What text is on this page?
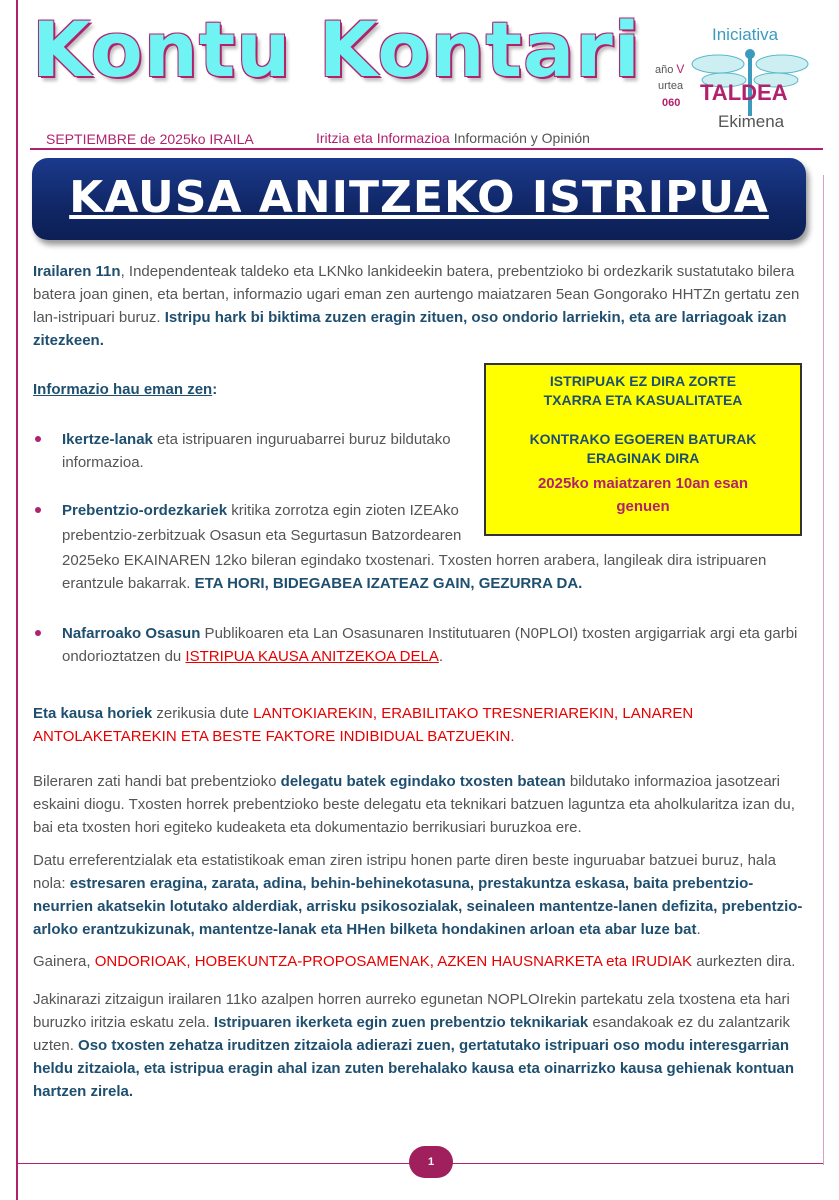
Kontu Kontari año V
urtea
060
Iniciativa
TALDEA
Ekimena
SEPTIEMBRE de 2025ko IRAILA	Iritzia eta Informazioa Información y Opinión
KAUSA ANITZEKO ISTRIPUA
Irailaren 11n, Independenteak taldeko eta LKNko lankideekin batera, prebentzioko bi ordezkarik sustatutako bilera batera joan ginen, eta bertan, informazio ugari eman zen aurtengo maiatzaren 5ean Gongorako HHTZn gertatu zen lan-istripuari buruz. Istripu hark bi biktima zuzen eragin zituen, oso ondorio larriekin, eta are larriagoak izan zitezkeen.
Informazio hau eman zen:	ISTRIPUAK EZ DIRA ZORTE
TXARRA ETA KASUALITATEA
KONTRAKO EGOEREN BATURAK
ERAGINAK DIRA
2025ko maiatzaren 10an esan
genuen
Ikertze-lanak eta istripuaren inguruabarrei buruz bildutako informazioa.
Prebentzio-ordezkariek kritika zorrotza egin zioten IZEAko
prebentzio-zerbitzuak Osasun eta Segurtasun Batzordearen
2025eko EKAINAREN 12ko bileran egindako txostenari. Txosten horren arabera, langileak dira istripuaren erantzule bakarrak. ETA HORI, BIDEGABEA IZATEAZ GAIN, GEZURRA DA.
Nafarroako Osasun Publikoaren eta Lan Osasunaren Institutuaren (N0PLOI) txosten argigarriak argi eta garbi ondorioztatzen du ISTRIPUA KAUSA ANITZEKOA DELA.
Eta kausa horiek zerikusia dute LANTOKIAREKIN, ERABILITAKO TRESNERIAREKIN, LANAREN ANTOLAKETAREKIN ETA BESTE FAKTORE INDIBIDUAL BATZUEKIN.
Bileraren zati handi bat prebentzioko delegatu batek egindako txosten batean bildutako informazioa jasotzeari eskaini diogu. Txosten horrek prebentzioko beste delegatu eta teknikari batzuen laguntza eta aholkularitza izan du, bai eta txosten hori egiteko kudeaketa eta dokumentazio berrikusiari buruzkoa ere.
Datu erreferentzialak eta estatistikoak eman ziren istripu honen parte diren beste inguruabar batzuei buruz, hala nola: estresaren eragina, zarata, adina, behin-behinekotasuna, prestakuntza eskasa, baita prebentzio-neurrien akatsekin lotutako alderdiak, arrisku psikosozialak, seinaleen mantentze-lanen defizita, prebentzio-arloko erantzukizunak, mantentze-lanak eta HHen bilketa hondakinen arloan eta abar luze bat.
Gainera, ONDORIOAK, HOBEKUNTZA-PROPOSAMENAK, AZKEN HAUSNARKETA eta IRUDIAK aurkezten dira.
Jakinarazi zitzaigun irailaren 11ko azalpen horren aurreko egunetan NOPLOIrekin partekatu zela txostena eta hari buruzko iritzia eskatu zela. Istripuaren ikerketa egin zuen prebentzio teknikariak esandakoak ez du zalantzarik uzten. Oso txosten zehatza iruditzen zitzaiola adierazi zuen, gertatutako istripuari oso modu interesgarrian heldu zitzaiola, eta istripua eragin ahal izan zuten berehalako kausa eta oinarrizko kausa gehienak kontuan hartzen zirela.
1
